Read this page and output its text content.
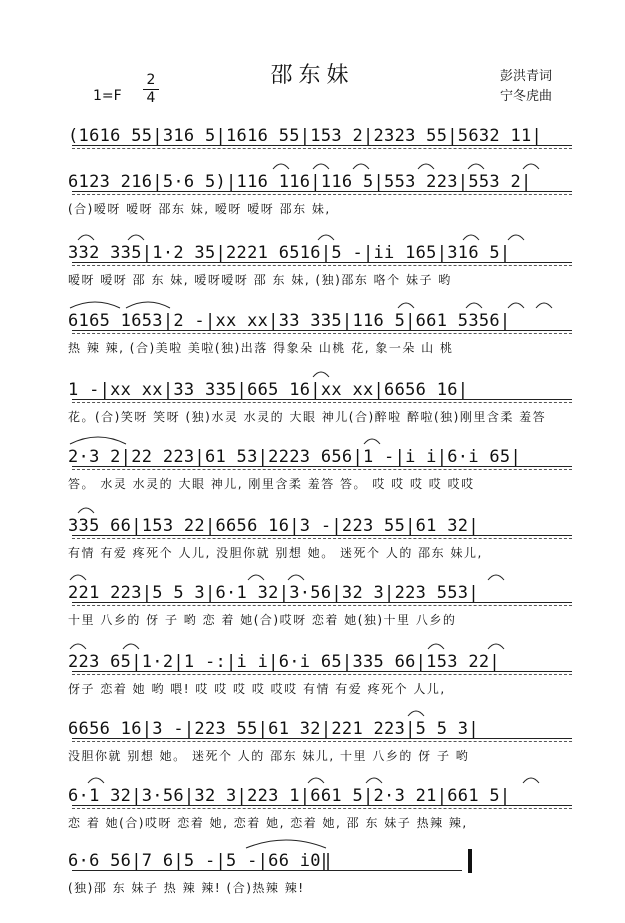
邵东妹	彭洪青词
宁冬虎曲
1=F
2
4
(1616 55|316 5|1616 55|153 2|2323 55|5632 11|
6123 216|5·6 5)|116 116|116 5|553 223|553 2|
(合)嗳呀 嗳呀 邵东 妹, 嗳呀 嗳呀 邵东 妹,
332 335|1·2 35|2221 6516|5 -|ii 165|316 5|
嗳呀 嗳呀 邵 东 妹, 嗳呀嗳呀 邵 东 妹, (独)邵东 咯个 妹子 哟
6165 1653|2 -|xx xx|33 335|116 5|661 5356|
热 辣 辣, (合)美啦 美啦(独)出落 得象朵 山桃 花, 象一朵 山 桃
1 -|xx xx|33 335|665 16|xx xx|6656 16|
花。(合)笑呀 笑呀 (独)水灵 水灵的 大眼 神儿(合)醉啦 醉啦(独)刚里含柔 羞答
2·3 2|22 223|61 53|2223 656|1 -|i i|6·i 65|
答。 水灵 水灵的 大眼 神儿, 刚里含柔 羞答 答。 哎 哎 哎 哎 哎哎
335 66|153 22|6656 16|3 -|223 55|61 32|
有情 有爱 疼死个 人儿, 没胆你就 别想 她。 迷死个 人的 邵东 妹儿,
221 223|5 5 3|6·1 32|3·56|32 3|223 553|
十里 八乡的 伢 子 哟 恋 着 她(合)哎呀 恋着 她(独)十里 八乡的
223 65|1·2|1 -:|i i|6·i 65|335 66|153 22|
伢子 恋着 她 哟 喂! 哎 哎 哎 哎 哎哎 有情 有爱 疼死个 人儿,
6656 16|3 -|223 55|61 32|221 223|5 5 3|
没胆你就 别想 她。 迷死个 人的 邵东 妹儿, 十里 八乡的 伢 子 哟
6·1 32|3·56|32 3|223 1|661 5|2·3 21|661 5|
恋 着 她(合)哎呀 恋着 她, 恋着 她, 恋着 她, 邵 东 妹子 热辣 辣,
6·6 56|7 6|5 -|5 -|66 i0‖
(独)邵 东 妹子 热 辣 辣! (合)热辣 辣!
